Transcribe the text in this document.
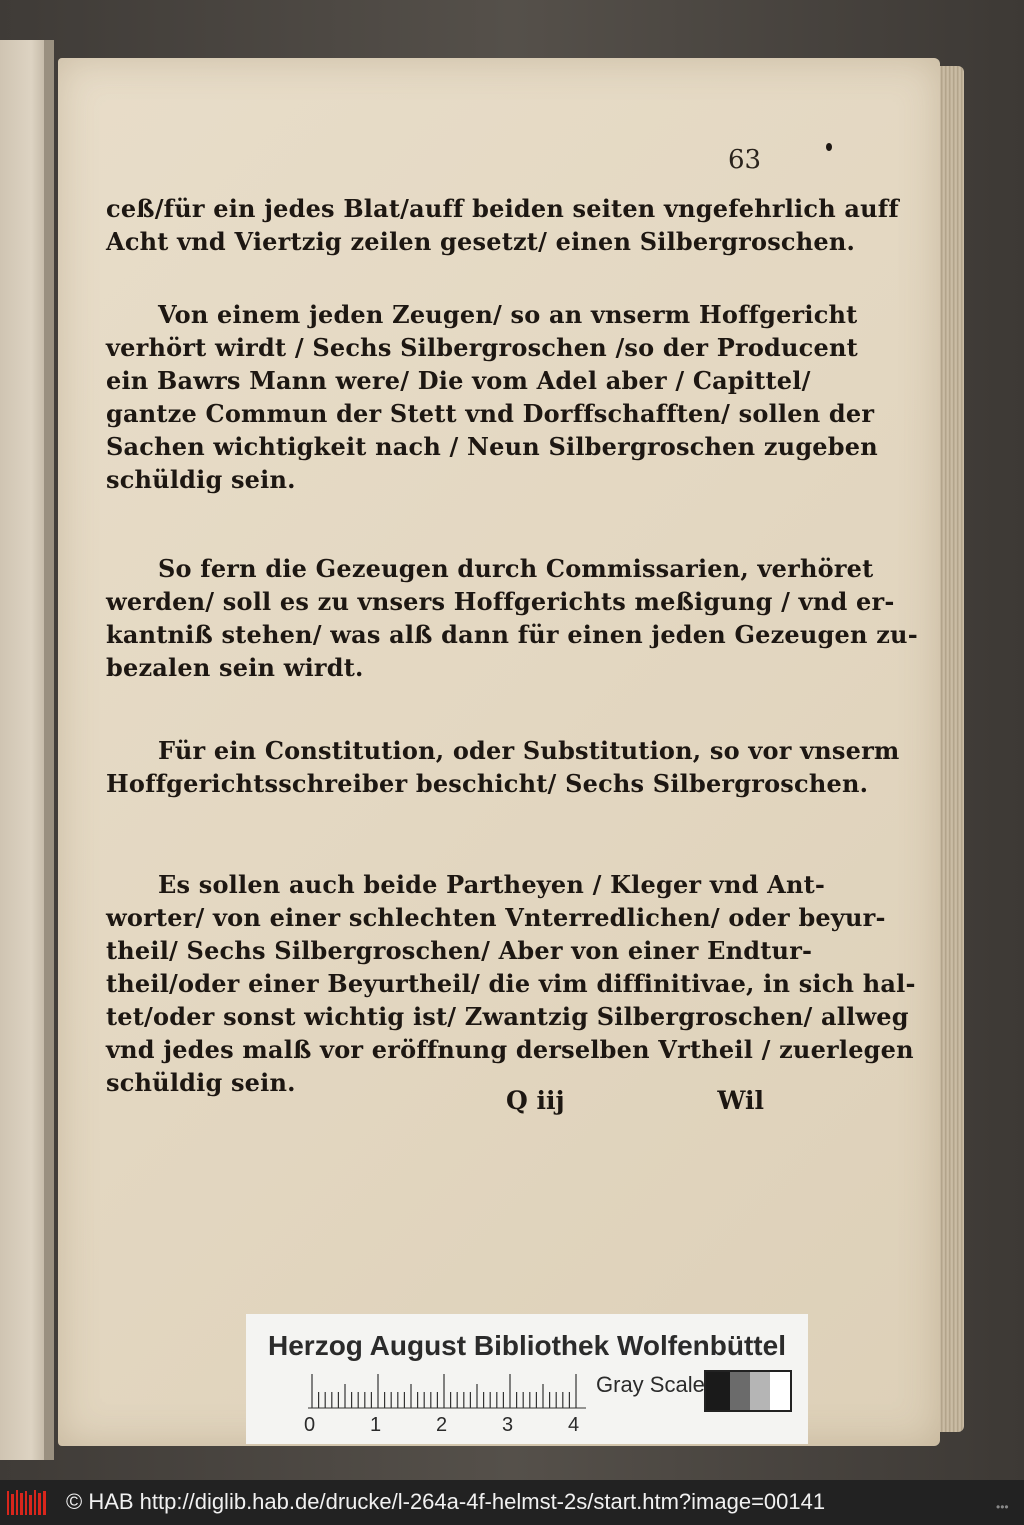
63
ceß/für ein jedes Blat/auff beiden seiten vngefehrlich auff
Acht vnd Viertzig zeilen gesetzt/ einen Silbergroschen.
Von einem jeden Zeugen/ so an vnserm Hoffgericht
verhört wirdt / Sechs Silbergroschen /so der Producent
ein Bawrs Mann were/ Die vom Adel aber / Capittel/
gantze Commun der Stett vnd Dorffschafften/ sollen der
Sachen wichtigkeit nach / Neun Silbergroschen zugeben
schüldig sein.
So fern die Gezeugen durch Commissarien, verhöret
werden/ soll es zu vnsers Hoffgerichts meßigung / vnd er-
kantniß stehen/ was alß dann für einen jeden Gezeugen zu-
bezalen sein wirdt.
Für ein Constitution, oder Substitution, so vor vnserm
Hoffgerichtsschreiber beschicht/ Sechs Silbergroschen.
Es sollen auch beide Partheyen / Kleger vnd Ant-
worter/ von einer schlechten Vnterredlichen/ oder beyur-
theil/ Sechs Silbergroschen/ Aber von einer Endtur-
theil/oder einer Beyurtheil/ die vim diffinitivae, in sich hal-
tet/oder sonst wichtig ist/ Zwantzig Silbergroschen/ allweg
vnd jedes malß vor eröffnung derselben Vrtheil / zuerlegen
schüldig sein.
Q iij	Wil
Herzog August Bibliothek Wolfenbüttel
0	1	2	3	4
Gray Scale
© HAB http://diglib.hab.de/drucke/l-264a-4f-helmst-2s/start.htm?image=00141	•••
